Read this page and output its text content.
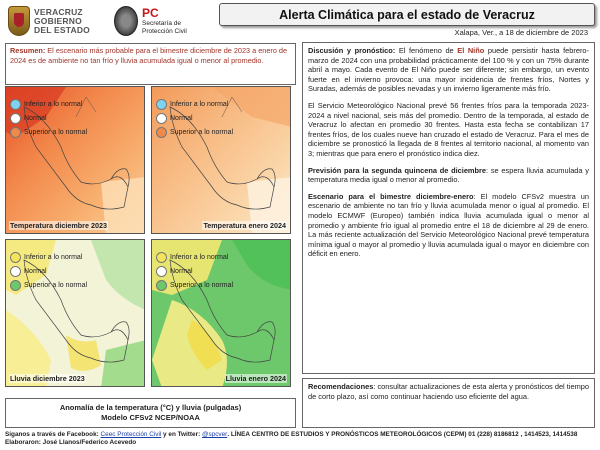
VERACRUZ
GOBIERNO
DEL ESTADO
PC
Secretaría de
Protección Civil
Alerta Climática para el estado de Veracruz
Xalapa, Ver., a 18 de diciembre de 2023
Resumen: El escenario más probable para el bimestre diciembre de 2023 a enero de 2024 es de ambiente no tan frío y lluvia acumulada igual o menor al promedio.
Inferior a lo normal
Normal
Superior a lo normal
Temperatura diciembre 2023
Inferior a lo normal
Normal
Superior a lo normal
Temperatura enero 2024
Inferior a lo normal
Normal
Superior a lo normal
Lluvia diciembre 2023
Inferior a lo normal
Normal
Superior a lo normal
Lluvia enero 2024
Anomalía de la temperatura (°C) y lluvia (pulgadas)
Modelo CFSv2 NCEP/NOAA

Discusión y pronóstico: El fenómeno de El Niño puede persistir hasta febrero-marzo de 2024 con una probabilidad prácticamente del 100 % y con un 75% durante abril a mayo. Cada evento de El Niño puede ser diferente; sin embargo, un evento fuerte en el invierno provoca: una mayor incidencia de frentes fríos, Nortes y Suradas, además de posibles nevadas y un invierno ligeramente más frío.

El Servicio Meteorológico Nacional prevé 56 frentes fríos para la temporada 2023-2024 a nivel nacional, seis más del promedio. Dentro de la temporada, al estado de Veracruz lo afectan en promedio 30 frentes. Hasta esta fecha se contabilizan 17 frentes fríos, de los cuales nueve han cruzado el estado de Veracruz. Para el mes de diciembre se pronosticó la llegada de 8 frentes al territorio nacional, al momento van 3; mientras que para enero el pronóstico indica diez.

Previsión para la segunda quincena de diciembre: se espera lluvia acumulada y temperatura media igual o menor al promedio.

Escenario para el bimestre diciembre-enero: El modelo CFSv2 muestra un escenario de ambiente no tan frío y lluvia acumulada menor o igual al promedio. El modelo ECMWF (Europeo) también indica lluvia acumulada igual o menor al promedio y ambiente frío igual al promedio entre el 18 de diciembre al 29 de enero. La más reciente actualización del Servicio Meteorológico Nacional prevé temperatura mínima igual o mayor al promedio y lluvia acumulada igual o mayor en diciembre con déficit en enero.

Recomendaciones: consultar actualizaciones de esta alerta y pronósticos del tiempo de corto plazo, así como continuar haciendo uso eficiente del agua.
Síganos a través de Facebook: Ceec Protección Civil y en Twitter: @spcver. LÍNEA CENTRO DE ESTUDIOS Y PRONÓSTICOS METEOROLÓGICOS (CEPM) 01 (228) 8186812 , 1414523, 1414538
Elaboraron: José Llanos/Federico Acevedo
